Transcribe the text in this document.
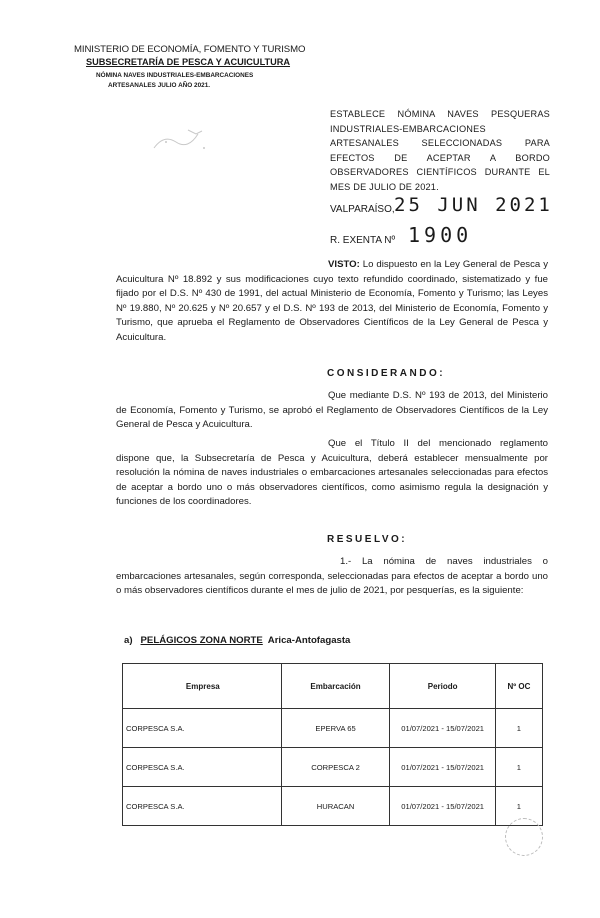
MINISTERIO DE ECONOMÍA, FOMENTO Y TURISMO
SUBSECRETARÍA DE PESCA Y ACUICULTURA
NÓMINA NAVES INDUSTRIALES-EMBARCACIONES
ARTESANALES JULIO AÑO 2021.
ESTABLECE NÓMINA NAVES PESQUERAS INDUSTRIALES-EMBARCACIONES ARTESANALES SELECCIONADAS PARA EFECTOS DE ACEPTAR A BORDO OBSERVADORES CIENTÍFICOS DURANTE EL MES DE JULIO DE 2021.
VALPARAÍSO, 25 JUN 2021
R. EXENTA Nº 1900
VISTO: Lo dispuesto en la Ley General de Pesca y Acuicultura Nº 18.892 y sus modificaciones cuyo texto refundido coordinado, sistematizado y fue fijado por el D.S. Nº 430 de 1991, del actual Ministerio de Economía, Fomento y Turismo; las Leyes Nº 19.880, Nº 20.625 y Nº 20.657 y el D.S. Nº 193 de 2013, del Ministerio de Economía, Fomento y Turismo, que aprueba el Reglamento de Observadores Científicos de la Ley General de Pesca y Acuicultura.
CONSIDERANDO:
Que mediante D.S. Nº 193 de 2013, del Ministerio de Economía, Fomento y Turismo, se aprobó el Reglamento de Observadores Científicos de la Ley General de Pesca y Acuicultura.
Que el Título II del mencionado reglamento dispone que, la Subsecretaría de Pesca y Acuicultura, deberá establecer mensualmente por resolución la nómina de naves industriales o embarcaciones artesanales seleccionadas para efectos de aceptar a bordo uno o más observadores científicos, como asimismo regula la designación y funciones de los coordinadores.
RESUELVO:
1.- La nómina de naves industriales o embarcaciones artesanales, según corresponda, seleccionadas para efectos de aceptar a bordo uno o más observadores científicos durante el mes de julio de 2021, por pesquerías, es la siguiente:
a) PELÁGICOS ZONA NORTE Arica-Antofagasta
Empresa	Embarcación	Periodo	Nº OC
CORPESCA S.A.	EPERVA 65	01/07/2021 - 15/07/2021	1
CORPESCA S.A.	CORPESCA 2	01/07/2021 - 15/07/2021	1
CORPESCA S.A.	HURACAN	01/07/2021 - 15/07/2021	1
